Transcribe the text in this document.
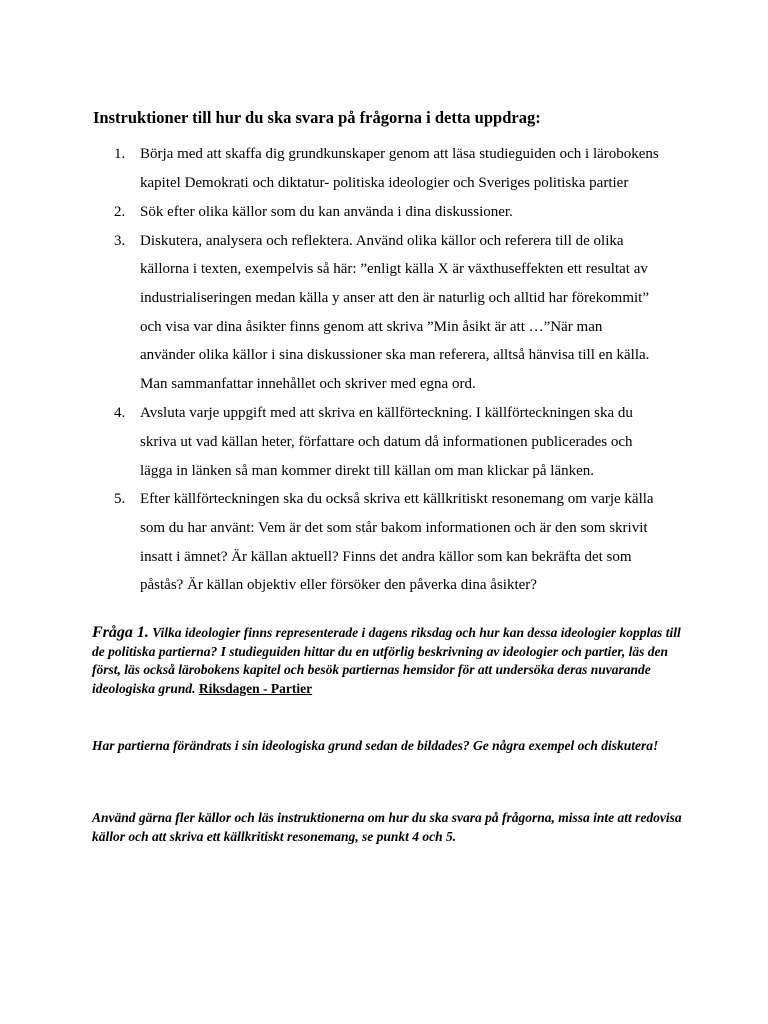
Instruktioner till hur du ska svara på frågorna i detta uppdrag:
1. Börja med att skaffa dig grundkunskaper genom att läsa studieguiden och i lärobokens
kapitel Demokrati och diktatur- politiska ideologier och Sveriges politiska partier
2. Sök efter olika källor som du kan använda i dina diskussioner.
3. Diskutera, analysera och reflektera. Använd olika källor och referera till de olika
källorna i texten, exempelvis så här: ”enligt källa X är växthuseffekten ett resultat av
industrialiseringen medan källa y anser att den är naturlig och alltid har förekommit”
och visa var dina åsikter finns genom att skriva ”Min åsikt är att …”När man
använder olika källor i sina diskussioner ska man referera, alltså hänvisa till en källa.
Man sammanfattar innehållet och skriver med egna ord.
4. Avsluta varje uppgift med att skriva en källförteckning. I källförteckningen ska du
skriva ut vad källan heter, författare och datum då informationen publicerades och
lägga in länken så man kommer direkt till källan om man klickar på länken.
5. Efter källförteckningen ska du också skriva ett källkritiskt resonemang om varje källa
som du har använt: Vem är det som står bakom informationen och är den som skrivit
insatt i ämnet? Är källan aktuell? Finns det andra källor som kan bekräfta det som
påstås? Är källan objektiv eller försöker den påverka dina åsikter?
Fråga 1. Vilka ideologier finns representerade i dagens riksdag och hur kan dessa ideologier kopplas till de politiska partierna? I studieguiden hittar du en utförlig beskrivning av ideologier och partier, läs den först, läs också lärobokens kapitel och besök partiernas hemsidor för att undersöka deras nuvarande ideologiska grund. Riksdagen - Partier
Har partierna förändrats i sin ideologiska grund sedan de bildades? Ge några exempel och diskutera!
Använd gärna fler källor och läs instruktionerna om hur du ska svara på frågorna, missa inte att redovisa källor och att skriva ett källkritiskt resonemang, se punkt 4 och 5.
